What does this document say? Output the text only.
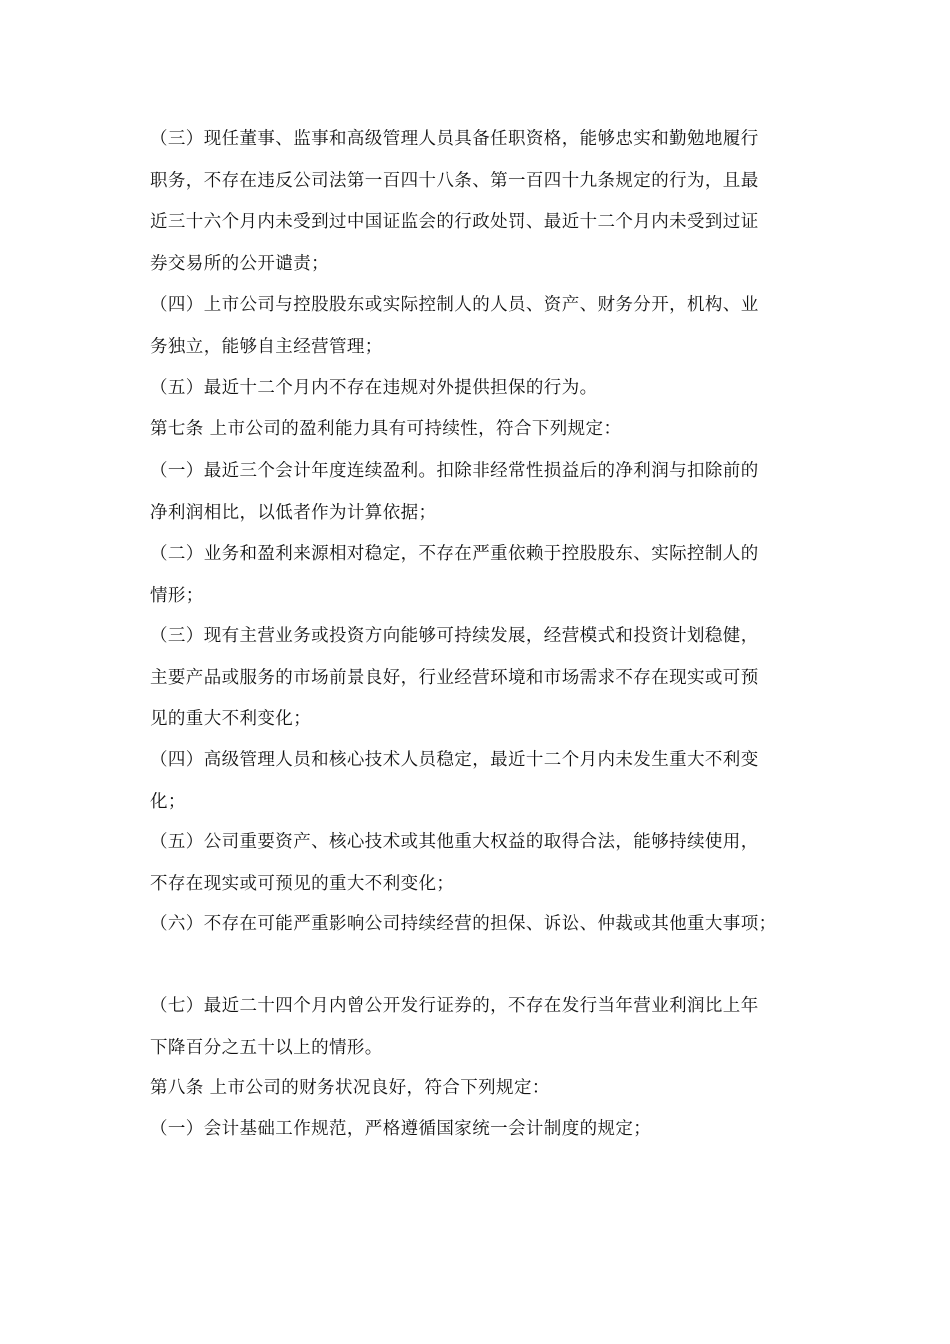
（三）现任董事、监事和高级管理人员具备任职资格，能够忠实和勤勉地履行
职务，不存在违反公司法第一百四十八条、第一百四十九条规定的行为，且最
近三十六个月内未受到过中国证监会的行政处罚、最近十二个月内未受到过证
券交易所的公开谴责；

（四）上市公司与控股股东或实际控制人的人员、资产、财务分开，机构、业
务独立，能够自主经营管理；

（五）最近十二个月内不存在违规对外提供担保的行为。

第七条 上市公司的盈利能力具有可持续性，符合下列规定：

（一）最近三个会计年度连续盈利。扣除非经常性损益后的净利润与扣除前的
净利润相比，以低者作为计算依据；

（二）业务和盈利来源相对稳定，不存在严重依赖于控股股东、实际控制人的
情形；

（三）现有主营业务或投资方向能够可持续发展，经营模式和投资计划稳健，
主要产品或服务的市场前景良好，行业经营环境和市场需求不存在现实或可预
见的重大不利变化；

（四）高级管理人员和核心技术人员稳定，最近十二个月内未发生重大不利变
化；

（五）公司重要资产、核心技术或其他重大权益的取得合法，能够持续使用，
不存在现实或可预见的重大不利变化；

（六）不存在可能严重影响公司持续经营的担保、诉讼、仲裁或其他重大事项；

（七）最近二十四个月内曾公开发行证券的，不存在发行当年营业利润比上年
下降百分之五十以上的情形。

第八条 上市公司的财务状况良好，符合下列规定：

（一）会计基础工作规范，严格遵循国家统一会计制度的规定；
